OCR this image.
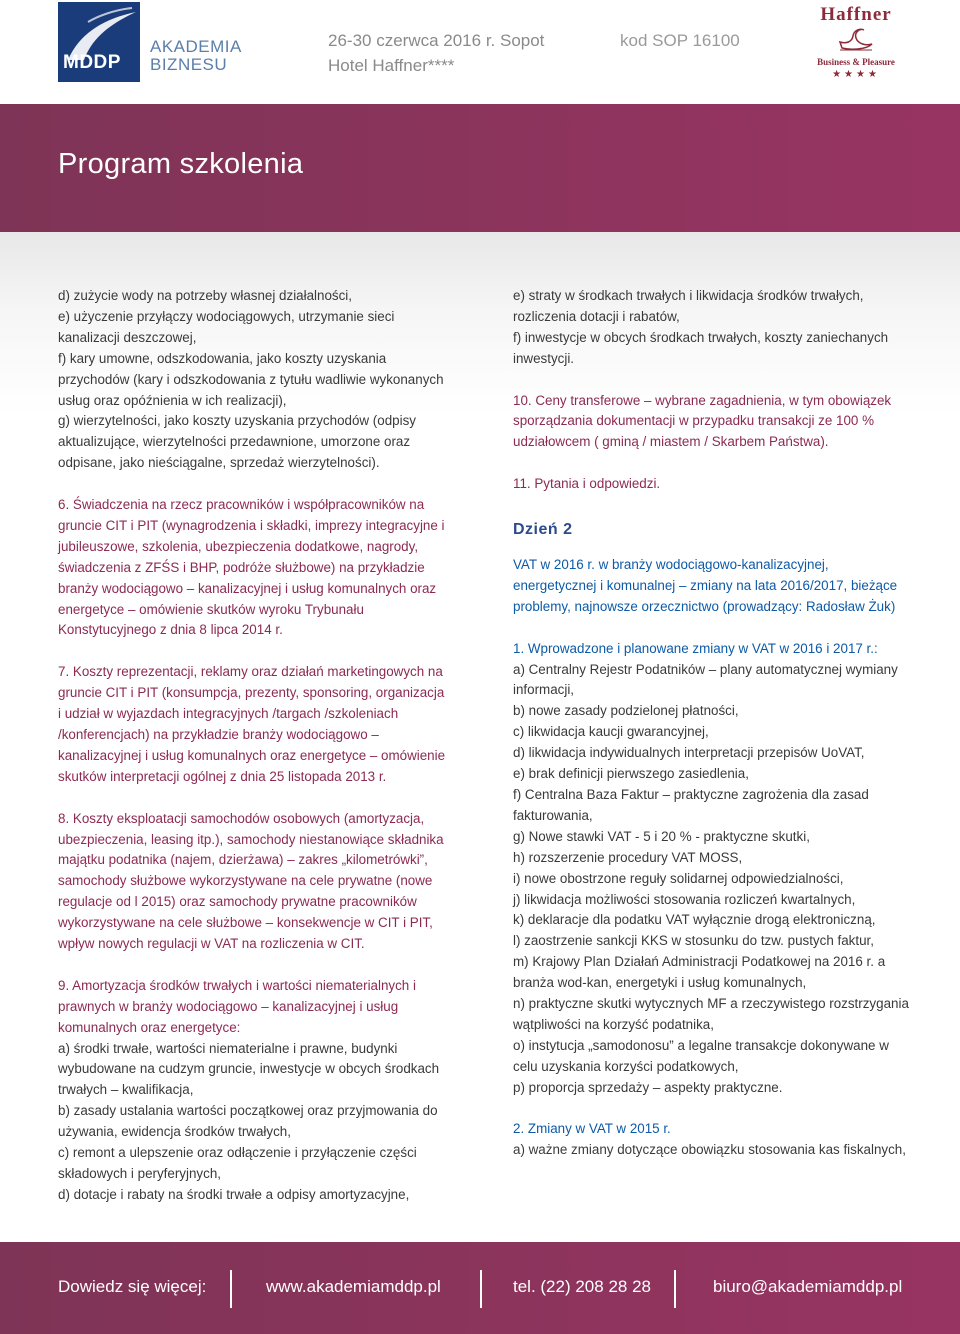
MDDP
AKADEMIA
BIZNESU
26-30 czerwca 2016 r. Sopot
Hotel Haffner****
kod SOP 16100
Haffner
Business & Pleasure
★★★★
Program szkolenia

d) zużycie wody na potrzeby własnej działalności,
e) użyczenie przyłączy wodociągowych, utrzymanie sieci kanalizacji deszczowej,
f) kary umowne, odszkodowania, jako koszty uzyskania przychodów (kary i odszkodowania z tytułu wadliwie wykonanych usług oraz opóźnienia w ich realizacji),
g) wierzytelności, jako koszty uzyskania przychodów (odpisy aktualizujące, wierzytelności przedawnione, umorzone oraz odpisane, jako nieściągalne, sprzedaż wierzytelności).

6. Świadczenia na rzecz pracowników i współpracowników na gruncie CIT i PIT (wynagrodzenia i składki, imprezy integracyjne i jubileuszowe, szkolenia, ubezpieczenia dodatkowe, nagrody, świadczenia z ZFŚS i BHP, podróże służbowe) na przykładzie branży wodociągowo – kanalizacyjnej i usług komunalnych oraz energetyce – omówienie skutków wyroku Trybunału Konstytucyjnego z dnia 8 lipca 2014 r.

7. Koszty reprezentacji, reklamy oraz działań marketingowych na gruncie CIT i PIT (konsumpcja, prezenty, sponsoring, organizacja i udział w wyjazdach integracyjnych /targach /szkoleniach /konferencjach) na przykładzie branży wodociągowo – kanalizacyjnej i usług komunalnych oraz energetyce – omówienie skutków interpretacji ogólnej z dnia 25 listopada 2013 r.

8. Koszty eksploatacji samochodów osobowych (amortyzacja, ubezpieczenia, leasing itp.), samochody niestanowiące składnika majątku podatnika (najem, dzierżawa) – zakres „kilometrówki”, samochody służbowe wykorzystywane na cele prywatne (nowe regulacje od l 2015) oraz samochody prywatne pracowników wykorzystywane na cele służbowe – konsekwencje w CIT i PIT, wpływ nowych regulacji w VAT na rozliczenia w CIT.

9. Amortyzacja środków trwałych i wartości niematerialnych i prawnych w branży wodociągowo – kanalizacyjnej i usług komunalnych oraz energetyce:

a) środki trwałe, wartości niematerialne i prawne, budynki wybudowane na cudzym gruncie, inwestycje w obcych środkach trwałych – kwalifikacja,
b) zasady ustalania wartości początkowej oraz przyjmowania do używania, ewidencja środków trwałych,
c) remont a ulepszenie oraz odłączenie i przyłączenie części składowych i peryferyjnych,
d) dotacje i rabaty na środki trwałe a odpisy amortyzacyjne,

e) straty w środkach trwałych i likwidacja środków trwałych, rozliczenia dotacji i rabatów,
f) inwestycje w obcych środkach trwałych, koszty zaniechanych inwestycji.

10. Ceny transferowe – wybrane zagadnienia, w tym obowiązek sporządzania dokumentacji w przypadku transakcji ze 100 % udziałowcem ( gminą / miastem / Skarbem Państwa).

11. Pytania i odpowiedzi.

Dzień 2

VAT w 2016 r. w branży wodociągowo-kanalizacyjnej, energetycznej i komunalnej – zmiany na lata 2016/2017, bieżące problemy, najnowsze orzecznictwo (prowadzący: Radosław Żuk)

1. Wprowadzone i planowane zmiany w VAT w 2016 i 2017 r.:

a) Centralny Rejestr Podatników – plany automatycznej wymiany informacji,
b) nowe zasady podzielonej płatności,
c) likwidacja kaucji gwarancyjnej,
d) likwidacja indywidualnych interpretacji przepisów UoVAT,
e) brak definicji pierwszego zasiedlenia,
f) Centralna Baza Faktur – praktyczne zagrożenia dla zasad fakturowania,
g) Nowe stawki VAT - 5 i 20 % - praktyczne skutki,
h) rozszerzenie procedury VAT MOSS,
i) nowe obostrzone reguły solidarnej odpowiedzialności,
j) likwidacja możliwości stosowania rozliczeń kwartalnych,
k) deklaracje dla podatku VAT wyłącznie drogą elektroniczną,
l) zaostrzenie sankcji KKS w stosunku do tzw. pustych faktur,
m) Krajowy Plan Działań Administracji Podatkowej na 2016 r. a branża wod-kan, energetyki i usług komunalnych,
n) praktyczne skutki wytycznych MF a rzeczywistego rozstrzygania wątpliwości na korzyść podatnika,
o) instytucja „samodonosu” a legalne transakcje dokonywane w celu uzyskania korzyści podatkowych,
p) proporcja sprzedaży – aspekty praktyczne.

2. Zmiany w VAT w 2015 r.

a) ważne zmiany dotyczące obowiązku stosowania kas fiskalnych,

Dowiedz się więcej:	www.akademiamddp.pl	tel. (22) 208 28 28	biuro@akademiamddp.pl
